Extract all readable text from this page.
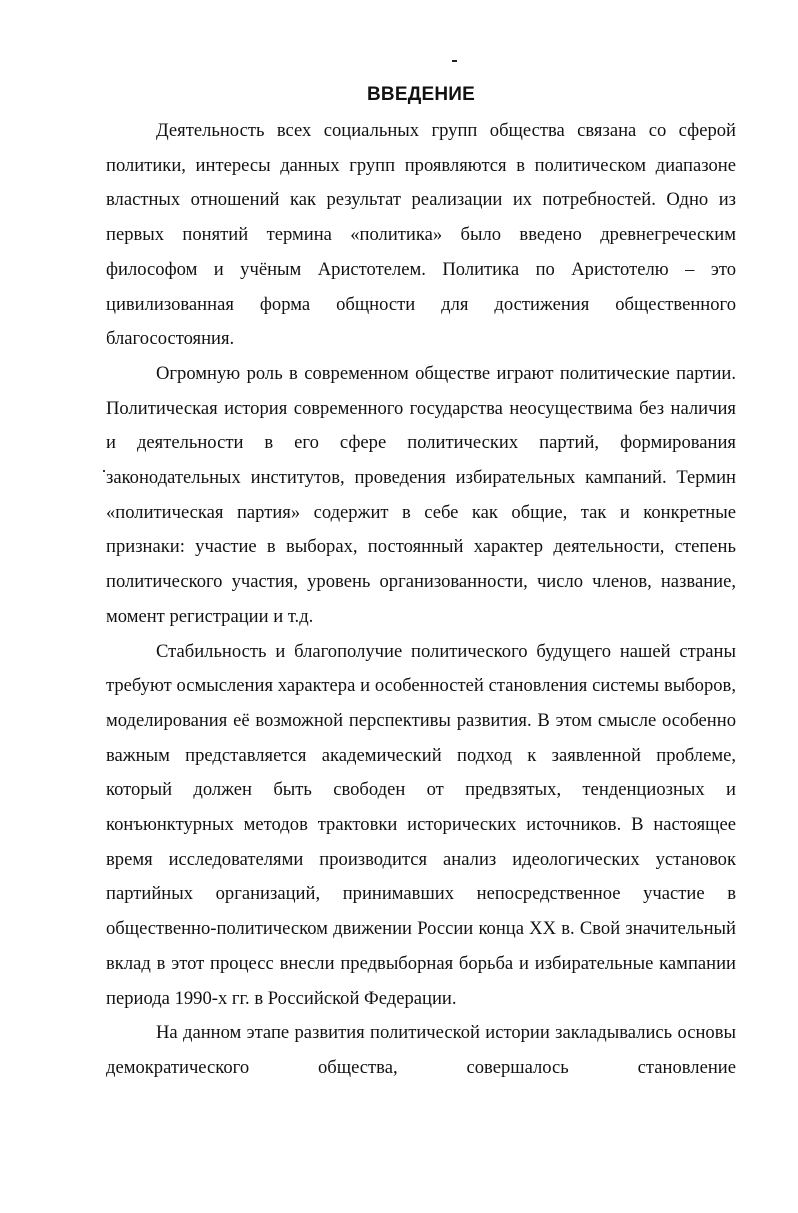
ВВЕДЕНИЕ

Деятельность всех социальных групп общества связана со сферой политики, интересы данных групп проявляются в политическом диапазоне властных отношений как результат реализации их потребностей. Одно из первых понятий термина «политика» было введено древнегреческим философом и учёным Аристотелем. Политика по Аристотелю – это цивилизованная форма общности для достижения общественного благосостояния.

Огромную роль в современном обществе играют политические партии. Политическая история современного государства неосуществима без наличия и деятельности в его сфере политических партий, формирования законодательных институтов, проведения избирательных кампаний. Термин «политическая партия» содержит в себе как общие, так и конкретные признаки: участие в выборах, постоянный характер деятельности, степень политического участия, уровень организованности, число членов, название, момент регистрации и т.д.

Стабильность и благополучие политического будущего нашей страны требуют осмысления характера и особенностей становления системы выборов, моделирования её возможной перспективы развития. В этом смысле особенно важным представляется академический подход к заявленной проблеме, который должен быть свободен от предвзятых, тенденциозных и конъюнктурных методов трактовки исторических источников. В настоящее время исследователями производится анализ идеологических установок партийных организаций, принимавших непосредственное участие в общественно-политическом движении России конца XX в. Свой значительный вклад в этот процесс внесли предвыборная борьба и избирательные кампании периода 1990-х гг. в Российской Федерации.

На данном этапе развития политической истории закладывались основы демократического общества, совершалось становление
